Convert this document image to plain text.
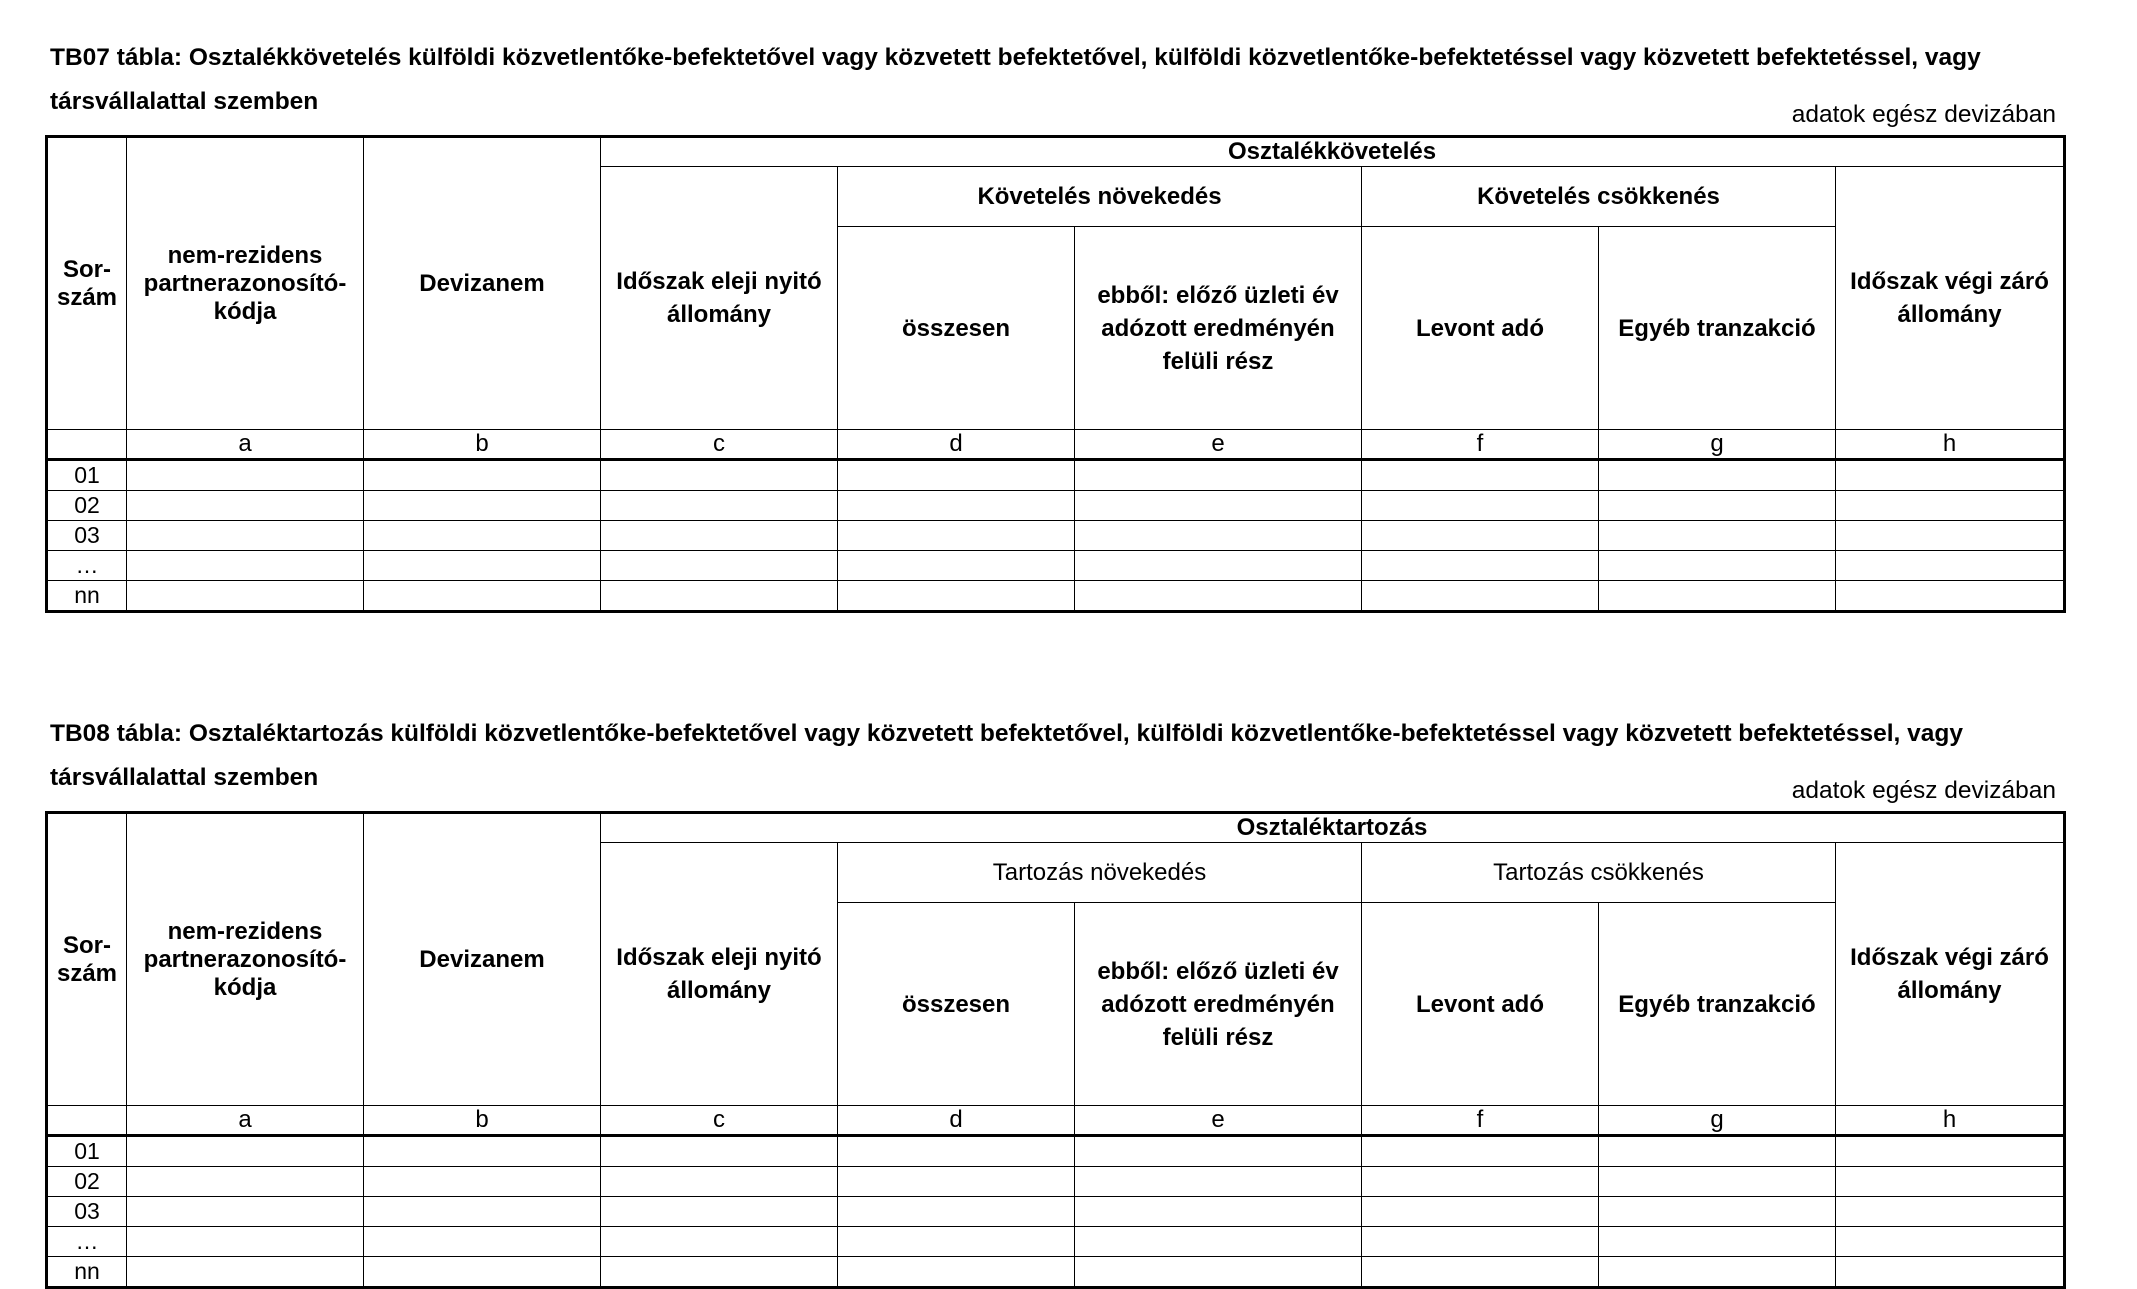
TB07 tábla: Osztalékkövetelés külföldi közvetlentőke-befektetővel vagy közvetett befektetővel, külföldi közvetlentőke-befektetéssel vagy közvetett befektetéssel, vagy társvállalattal szemben	adatok egész devizában
Sor-szám	nem-rezidens partnerazonosító-kódja	Devizanem	Osztalékkövetelés					
			Időszak eleji nyitó állomány	Követelés növekedés		Követelés csökkenés		Időszak végi záró állomány
				összesen	ebből: előző üzleti év adózott eredményén felüli rész	Levont adó	Egyéb tranzakció	
	a	b	c	d	e	f	g	h
01								
02								
03								
…								
nn								

TB08 tábla: Osztaléktartozás külföldi közvetlentőke-befektetővel vagy közvetett befektetővel, külföldi közvetlentőke-befektetéssel vagy közvetett befektetéssel, vagy társvállalattal szemben	adatok egész devizában
Sor-szám	nem-rezidens partnerazonosító-kódja	Devizanem	Osztaléktartozás					
			Időszak eleji nyitó állomány	Tartozás növekedés		Tartozás csökkenés		Időszak végi záró állomány
				összesen	ebből: előző üzleti év adózott eredményén felüli rész	Levont adó	Egyéb tranzakció	
	a	b	c	d	e	f	g	h
01								
02								
03								
…								
nn								
